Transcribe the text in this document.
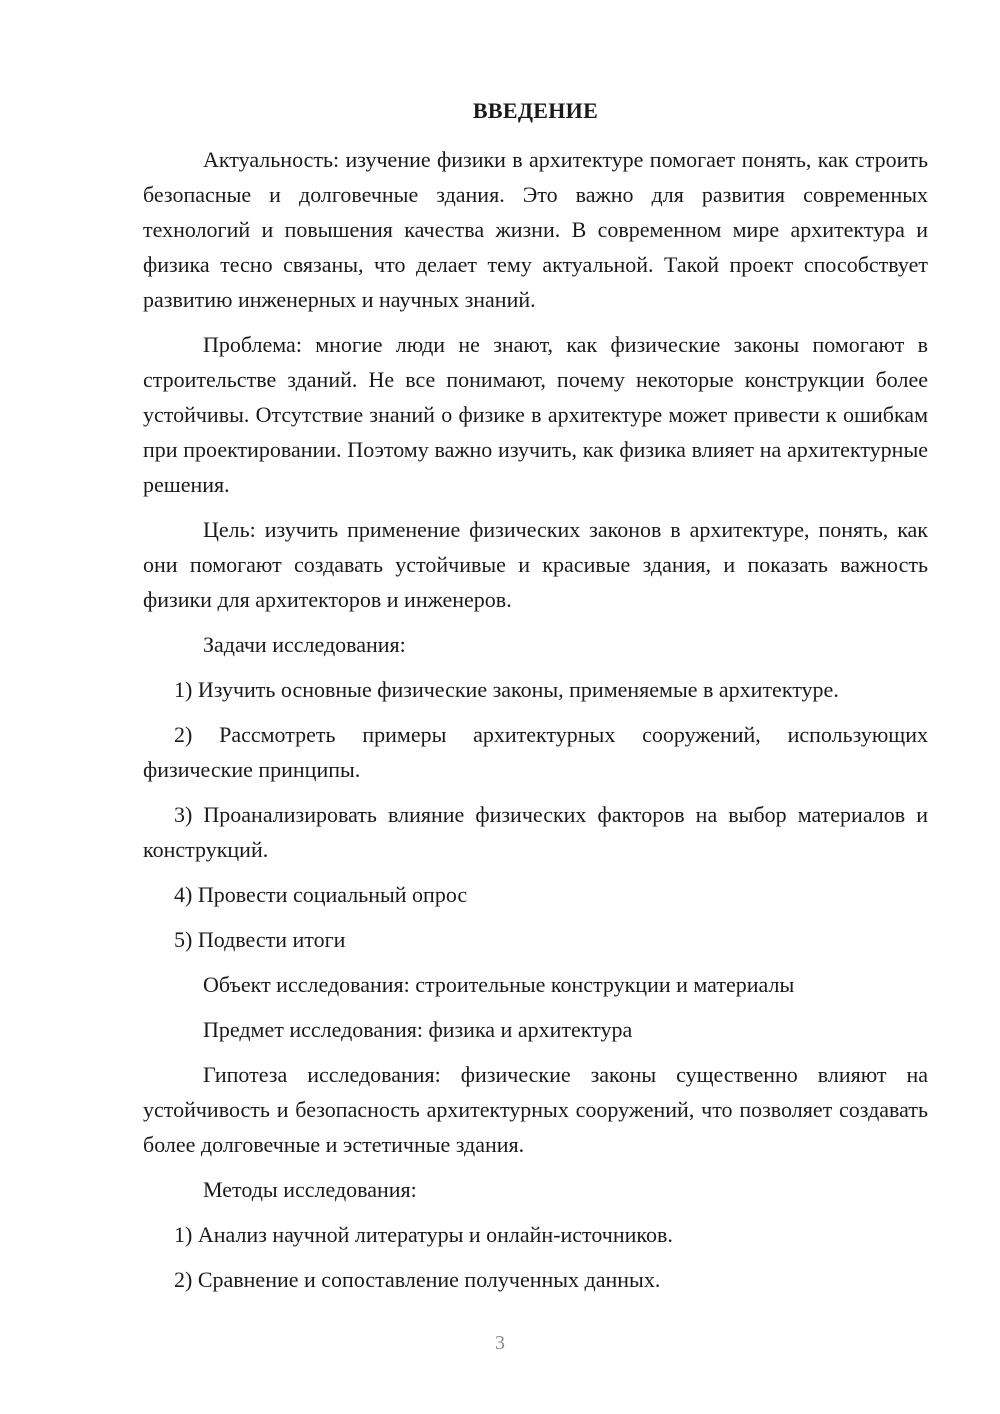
ВВЕДЕНИЕ

Актуальность: изучение физики в архитектуре помогает понять, как строить безопасные и долговечные здания. Это важно для развития современных технологий и повышения качества жизни. В современном мире архитектура и физика тесно связаны, что делает тему актуальной. Такой проект способствует развитию инженерных и научных знаний.

Проблема: многие люди не знают, как физические законы помогают в строительстве зданий. Не все понимают, почему некоторые конструкции более устойчивы. Отсутствие знаний о физике в архитектуре может привести к ошибкам при проектировании. Поэтому важно изучить, как физика влияет на архитектурные решения.

Цель: изучить применение физических законов в архитектуре, понять, как они помогают создавать устойчивые и красивые здания, и показать важность физики для архитекторов и инженеров.

Задачи исследования:

1) Изучить основные физические законы, применяемые в архитектуре.

2) Рассмотреть примеры архитектурных сооружений, использующих физические принципы.

3) Проанализировать влияние физических факторов на выбор материалов и конструкций.

4) Провести социальный опрос

5) Подвести итоги

Объект исследования: строительные конструкции и материалы

Предмет исследования: физика и архитектура

Гипотеза исследования: физические законы существенно влияют на устойчивость и безопасность архитектурных сооружений, что позволяет создавать более долговечные и эстетичные здания.

Методы исследования:

1) Анализ научной литературы и онлайн-источников.

2) Сравнение и сопоставление полученных данных.

3
